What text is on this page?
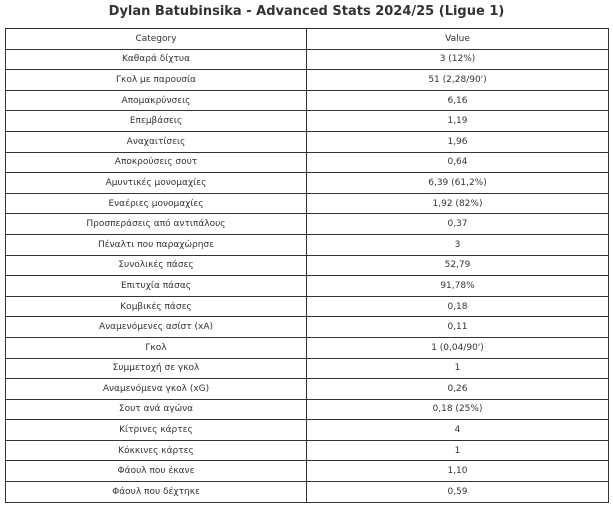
Dylan Batubinsika - Advanced Stats 2024/25 (Ligue 1)
Category	Value
Καθαρά δίχτυα	3 (12%)
Γκολ με παρουσία	51 (2,28/90')
Απομακρύνσεις	6,16
Επεμβάσεις	1,19
Αναχαιτίσεις	1,96
Αποκρούσεις σουτ	0,64
Αμυντικές μονομαχίες	6,39 (61,2%)
Εναέριες μονομαχίες	1,92 (82%)
Προσπεράσεις από αντιπάλους	0,37
Πέναλτι που παραχώρησε	3
Συνολικές πάσες	52,79
Επιτυχία πάσας	91,78%
Κομβικές πάσες	0,18
Αναμενόμενες ασίστ (xA)	0,11
Γκολ	1 (0,04/90')
Συμμετοχή σε γκολ	1
Αναμενόμενα γκολ (xG)	0,26
Σουτ ανά αγώνα	0,18 (25%)
Κίτρινες κάρτες	4
Κόκκινες κάρτες	1
Φάουλ που έκανε	1,10
Φάουλ που δέχτηκε	0,59
